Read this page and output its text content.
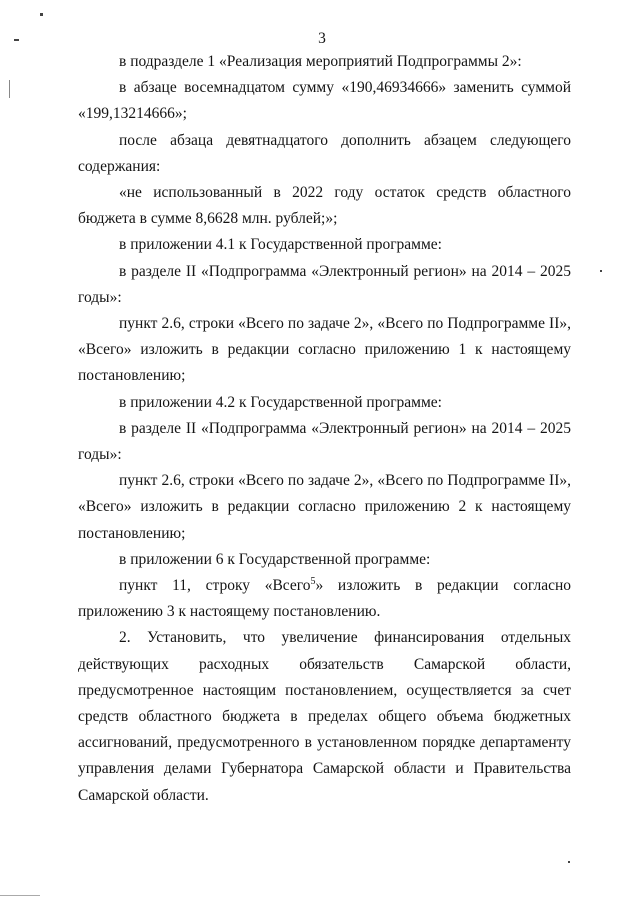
3

в подразделе 1 «Реализация мероприятий Подпрограммы 2»:

в абзаце восемнадцатом сумму «190,46934666» заменить суммой «199,13214666»;

после абзаца девятнадцатого дополнить абзацем следующего содержания:

«не использованный в 2022 году остаток средств областного бюджета в сумме 8,6628 млн. рублей;»;

в приложении 4.1 к Государственной программе:

в разделе II «Подпрограмма «Электронный регион» на 2014 – 2025 годы»:

пункт 2.6, строки «Всего по задаче 2», «Всего по Подпрограмме II», «Всего» изложить в редакции согласно приложению 1 к настоящему постановлению;

в приложении 4.2 к Государственной программе:

в разделе II «Подпрограмма «Электронный регион» на 2014 – 2025 годы»:

пункт 2.6, строки «Всего по задаче 2», «Всего по Подпрограмме II», «Всего» изложить в редакции согласно приложению 2 к настоящему постановлению;

в приложении 6 к Государственной программе:

пункт 11, строку «Всего$^5$» изложить в редакции согласно приложению 3 к настоящему постановлению.

2. Установить, что увеличение финансирования отдельных действующих расходных обязательств Самарской области, предусмотренное настоящим постановлением, осуществляется за счет средств областного бюджета в пределах общего объема бюджетных ассигнований, предусмотренного в установленном порядке департаменту управления делами Губернатора Самарской области и Правительства Самарской области.
